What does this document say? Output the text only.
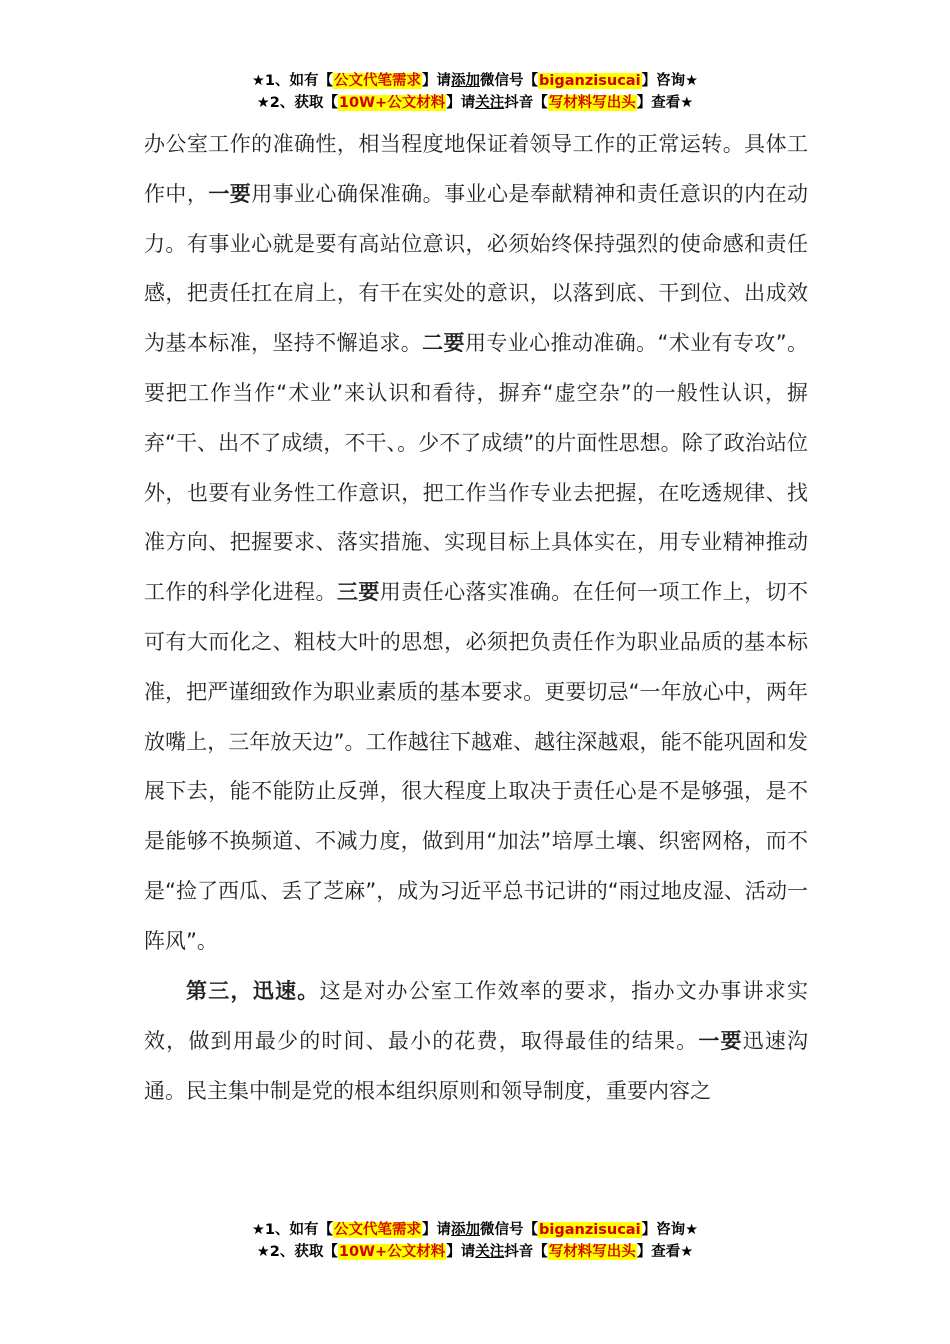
★1、如有【公文代笔需求】请添加微信号【biganzisucai】咨询★
★2、获取【10W+公文材料】请关注抖音【写材料写出头】查看★

办公室工作的准确性，相当程度地保证着领导工作的正常运转。具体工作中，一要用事业心确保准确。事业心是奉献精神和责任意识的内在动力。有事业心就是要有高站位意识，必须始终保持强烈的使命感和责任感，把责任扛在肩上，有干在实处的意识，以落到底、干到位、出成效为基本标准，坚持不懈追求。二要用专业心推动准确。“术业有专攻”。要把工作当作“术业”来认识和看待，摒弃“虚空杂”的一般性认识，摒弃“干、出不了成绩，不干、。少不了成绩”的片面性思想。除了政治站位外，也要有业务性工作意识，把工作当作专业去把握，在吃透规律、找准方向、把握要求、落实措施、实现目标上具体实在，用专业精神推动工作的科学化进程。三要用责任心落实准确。在任何一项工作上，切不可有大而化之、粗枝大叶的思想，必须把负责任作为职业品质的基本标准，把严谨细致作为职业素质的基本要求。更要切忌“一年放心中，两年放嘴上，三年放天边”。工作越往下越难、越往深越艰，能不能巩固和发展下去，能不能防止反弹，很大程度上取决于责任心是不是够强，是不是能够不换频道、不减力度，做到用“加法”培厚土壤、织密网格，而不是“捡了西瓜、丢了芝麻”，成为习近平总书记讲的“雨过地皮湿、活动一阵风”。

第三，迅速。这是对办公室工作效率的要求，指办文办事讲求实效，做到用最少的时间、最小的花费，取得最佳的结果。一要迅速沟通。民主集中制是党的根本组织原则和领导制度，重要内容之

★1、如有【公文代笔需求】请添加微信号【biganzisucai】咨询★
★2、获取【10W+公文材料】请关注抖音【写材料写出头】查看★
